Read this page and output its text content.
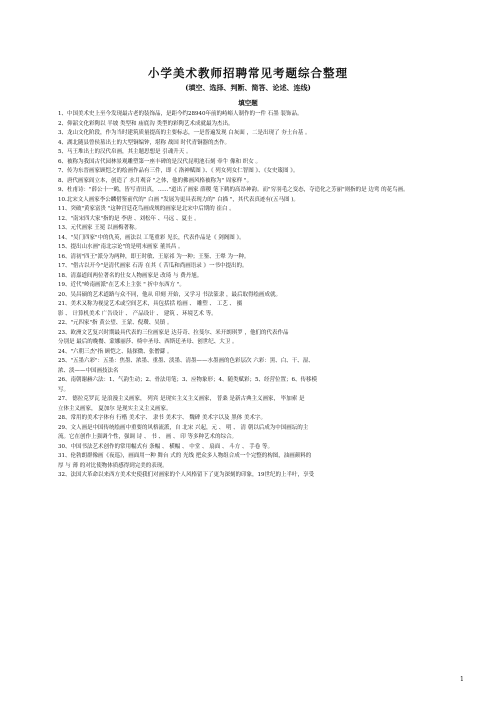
小学美术教师招聘常见考题综合整理
(填空、选择、判断、简答、论述、连线)
填空题
1、中国美术史上至今发现最古老的装饰品，是距今约28940年前的峙峪人制作的一件 石墨 装饰品。
2、仰韶文化彩陶以 半坡 类型和 庙底沟 类型的彩陶艺术成就最为杰出。
3、龙山文化阶段，作为当时建筑质量提高的主要标志，一是普遍发现 白灰面 ，二是出现了 夯土台基 。
4、湖北随县曾侯墓出土的大型铜编钟，堪称 战国 时代青铜器的杰作。
5、马王堆出土的汉代帛画，其主题思想是 引魂升天 。
6、被称为我国古代园林景观雕塑第一座丰碑的是汉代昆明池石刻 牵牛 像和 织女 。
7、传为东晋画家顾恺之的绘画作品有三件，即《 洛神赋图 》、《 列女列女仁智图 》、《女史箴图 》。
8、唐代画家阎立本，创造了 水月观音 "之体，他的佛画风格被称为" 周家样 "。
9、杜甫诗："薛公十一鹤，皆写青田真，……"道出了画家 薛稷 笔下鹤的高昂神韵。而"穷羽毛之变态，夺造化之芳丽"则指的是 边鸾 的花鸟画。
10.北宋文人画家李公麟借鉴前代的" 白画 "发展为更具表现力的" 白描 "，其代表真迹有(五马图 )。
11、突破"黄家富贵 "这种宫廷花鸟画成规的画家是北宋中后期的 崔白 。
12、"南宋四大家"指的是 李唐 、刘松年 、马远 、夏圭 。
13、元代画家 王冕 以画梅著称。
14、"吴门四家"中的仇英，画法以 工笔重彩 见长，代表作品是《 剑阁图 》。
15、提出山水画"南北宗论"的是明末画家 董其昌 。
16、清初"四王"派分为两种，即王时敏、王原祁 为一种；王鉴、王翚 为一种。
17、"借古以开今"是清代画家 石涛 在其《 苦瓜和尚画语录 》一书中提出的。
18、清嘉道间两位著名的仕女人物画家是 改琦 与 费丹旭。
19、近代"岭南画派"在艺术上主张 " 折中东西方 "。
20、吴昌硕的艺术道路与众不同，他从 印刻 开始，又学习 书法篆隶 ，最后取得绘画成就。
21、美术又称为视觉艺术或空间艺术，具包括括 绘画 、 雕塑 、 工艺 、 摄
影 、 计算机美术 广告设计 、 产品设计 、 建筑 、环境艺术 等。
22、"元四家"指 黄公望、王蒙、倪瓒、吴镇 。
23、欧洲文艺复兴时期最具代表的三位画家是 达芬奇、拉斐尔、米开朗琪罗 ，他们的代表作品
分别是 最后的晚餐、蒙娜丽莎、椅中圣母、西斯廷圣母、创世纪、大卫 。
24、"六朝三杰"指 顾恺之、陆探微、张僧繇 。
25、"五墨六彩"：五墨：焦墨、浓墨、重墨、淡墨、清墨——水墨画的色彩层次 六彩：黑、白、干、湿、
浓、淡——中国画技法名
26、南朝谢赫六法：1、气韵生动；2、骨法用笔；3、应物象形；4、随类赋彩；5、经营位置；6、传移模
写。
27、 德拉克罗瓦 是浪漫主义画家， 列宾 是现实主义主义画家， 普桑 是新古典主义画家， 毕加索 是
立体主义画家， 夏加尔 是现实主义主义画家。
28、常用的美术字体有 行楷 美术字、 隶书 美术字、 魏碑 美术字以及 黑体 美术字。
29、文人画是中国传统绘画中重要的风格流派，自 北宋 兴起，元 、 明 、 清 朝以后成为中国画坛的主
流。它在创作上强调个性，强调 诗 、 书 、 画 、 印 等多种艺术的综合。
30、中国书法艺术创作的常用幅式有 条幅 、 横幅 、 中堂 、 扇面 、 斗方 、 手卷 等。
31、伦勃朗群像画《夜巡》，画面用一种 舞台 式的 光线 把众多人物组合成一个完整的构图，油画颜料的
厚 与 薄 的对比使物体质感得到完美的表现。
32、法国大革命以来西方美术史使我们对画家的个人风格留下了更为深刻的印象，19世纪的上半叶，享受
1
